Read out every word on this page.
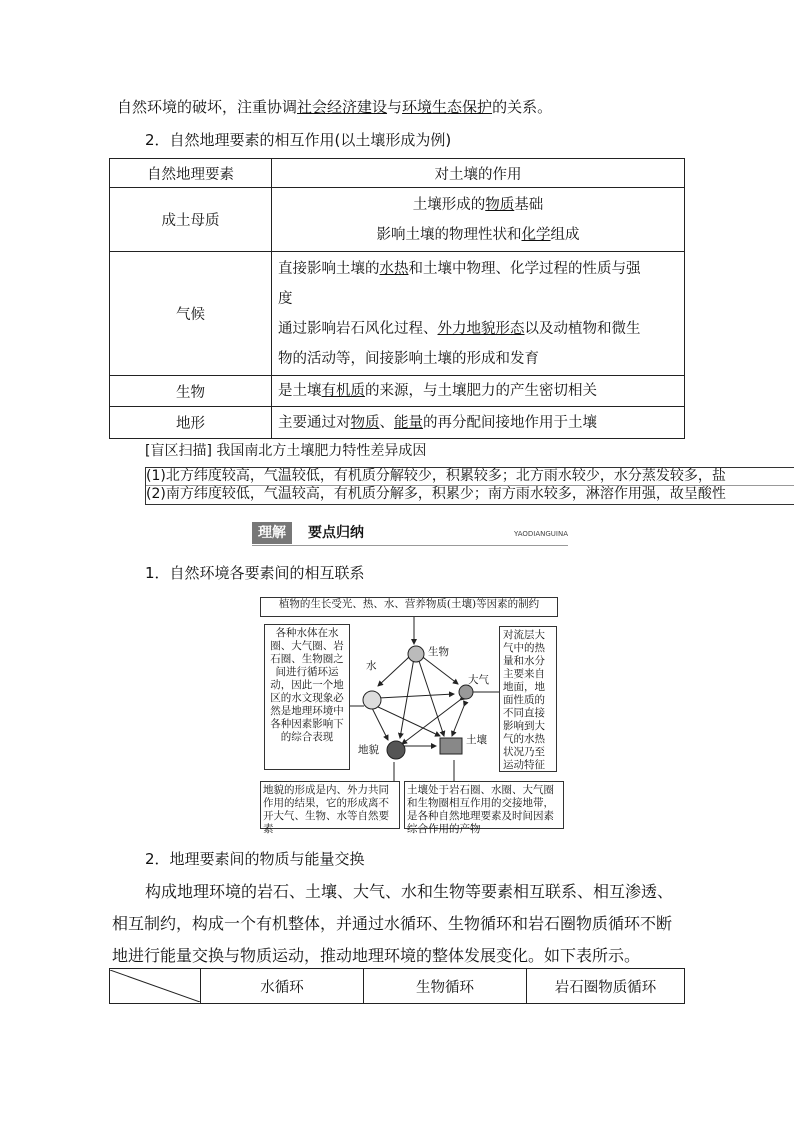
自然环境的破坏，注重协调社会经济建设与环境生态保护的关系。
2．自然地理要素的相互作用(以土壤形成为例)
自然地理要素	对土壤的作用
成土母质	土壤形成的物质基础
影响土壤的物理性状和化学组成

气候	直接影响土壤的水热和土壤中物理、化学过程的性质与强
度
通过影响岩石风化过程、外力地貌形态以及动植物和微生
物的活动等，间接影响土壤的形成和发育

生物	是土壤有机质的来源，与土壤肥力的产生密切相关
地形	主要通过对物质、能量的再分配间接地作用于土壤
[盲区扫描] 我国南北方土壤肥力特性差异成因
(1)北方纬度较高，气温较低，有机质分解较少，积累较多；北方雨水较少，水分蒸发较多，盐
(2)南方纬度较低，气温较高，有机质分解多，积累少；南方雨水较多，淋溶作用强，故呈酸性
理解	要点归纳	YAODIANGUINA
1．自然环境各要素间的相互联系
植物的生长受光、热、水、营养物质(土壤)等因素的制约
各种水体在水圈、大气圈、岩石圈、生物圈之间进行循环运动，因此一个地区的水文现象必然是地理环境中各种因素影响下的综合表现
对流层大气中的热量和水分主要来自地面，地面性质的不同直接影响到大气的水热状况乃至运动特征
地貌的形成是内、外力共同作用的结果，它的形成离不开大气、生物、水等自然要素
土壤处于岩石圈、水圈、大气圈和生物圈相互作用的交接地带，是各种自然地理要素及时间因素综合作用的产物
生物
水
大气
地貌
土壤
2．地理要素间的物质与能量交换
构成地理环境的岩石、土壤、大气、水和生物等要素相互联系、相互渗透、
相互制约，构成一个有机整体，并通过水循环、生物循环和岩石圈物质循环不断
地进行能量交换与物质运动，推动地理环境的整体发展变化。如下表所示。
	水循环	生物循环	岩石圈物质循环
